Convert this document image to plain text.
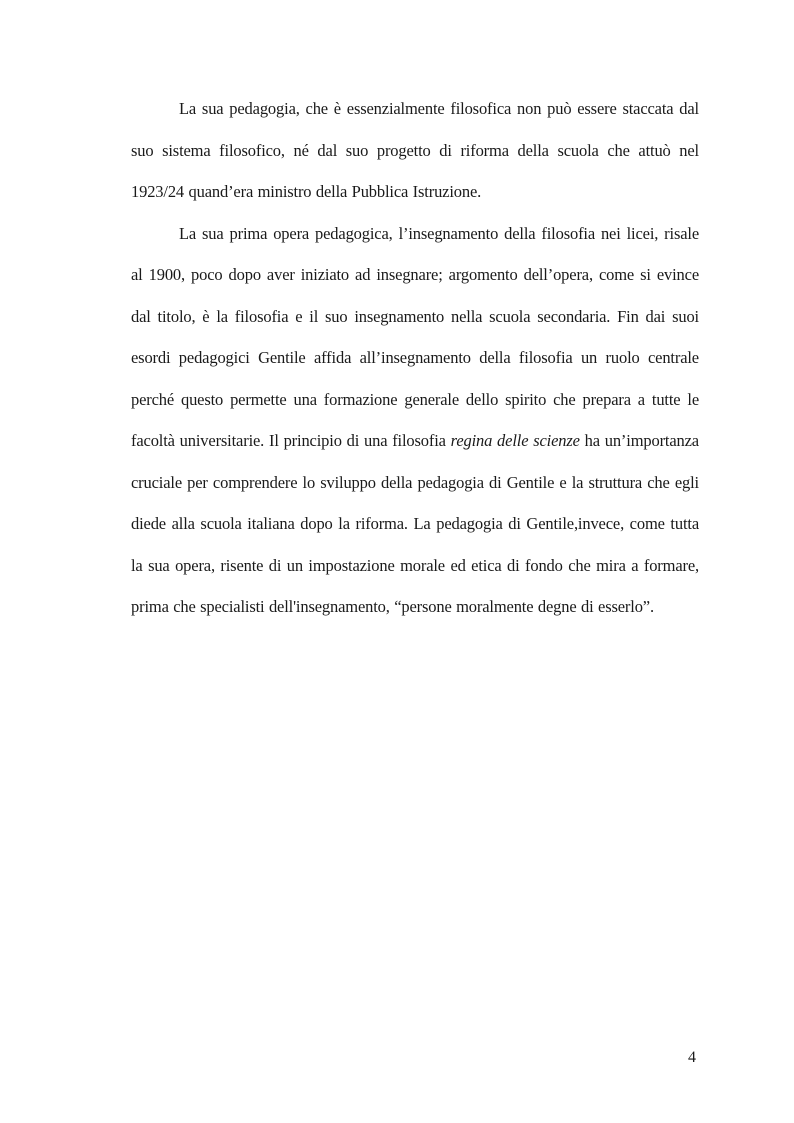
La sua pedagogia, che è essenzialmente filosofica non può essere staccata dal suo sistema filosofico, né dal suo progetto di riforma della scuola che attuò nel 1923/24 quand’era ministro della Pubblica Istruzione.

La sua prima opera pedagogica, l’insegnamento della filosofia nei licei, risale al 1900, poco dopo aver iniziato ad insegnare; argomento dell’opera, come si evince dal titolo, è la filosofia e il suo insegnamento nella scuola secondaria. Fin dai suoi esordi pedagogici Gentile affida all’insegnamento della filosofia un ruolo centrale perché questo permette una formazione generale dello spirito che prepara a tutte le facoltà universitarie. Il principio di una filosofia regina delle scienze ha un’importanza cruciale per comprendere lo sviluppo della pedagogia di Gentile e la struttura che egli diede alla scuola italiana dopo la riforma. La pedagogia di Gentile,invece, come tutta la sua opera, risente di un impostazione morale ed etica di fondo che mira a formare, prima che specialisti dell'insegnamento, “persone moralmente degne di esserlo”.

4
